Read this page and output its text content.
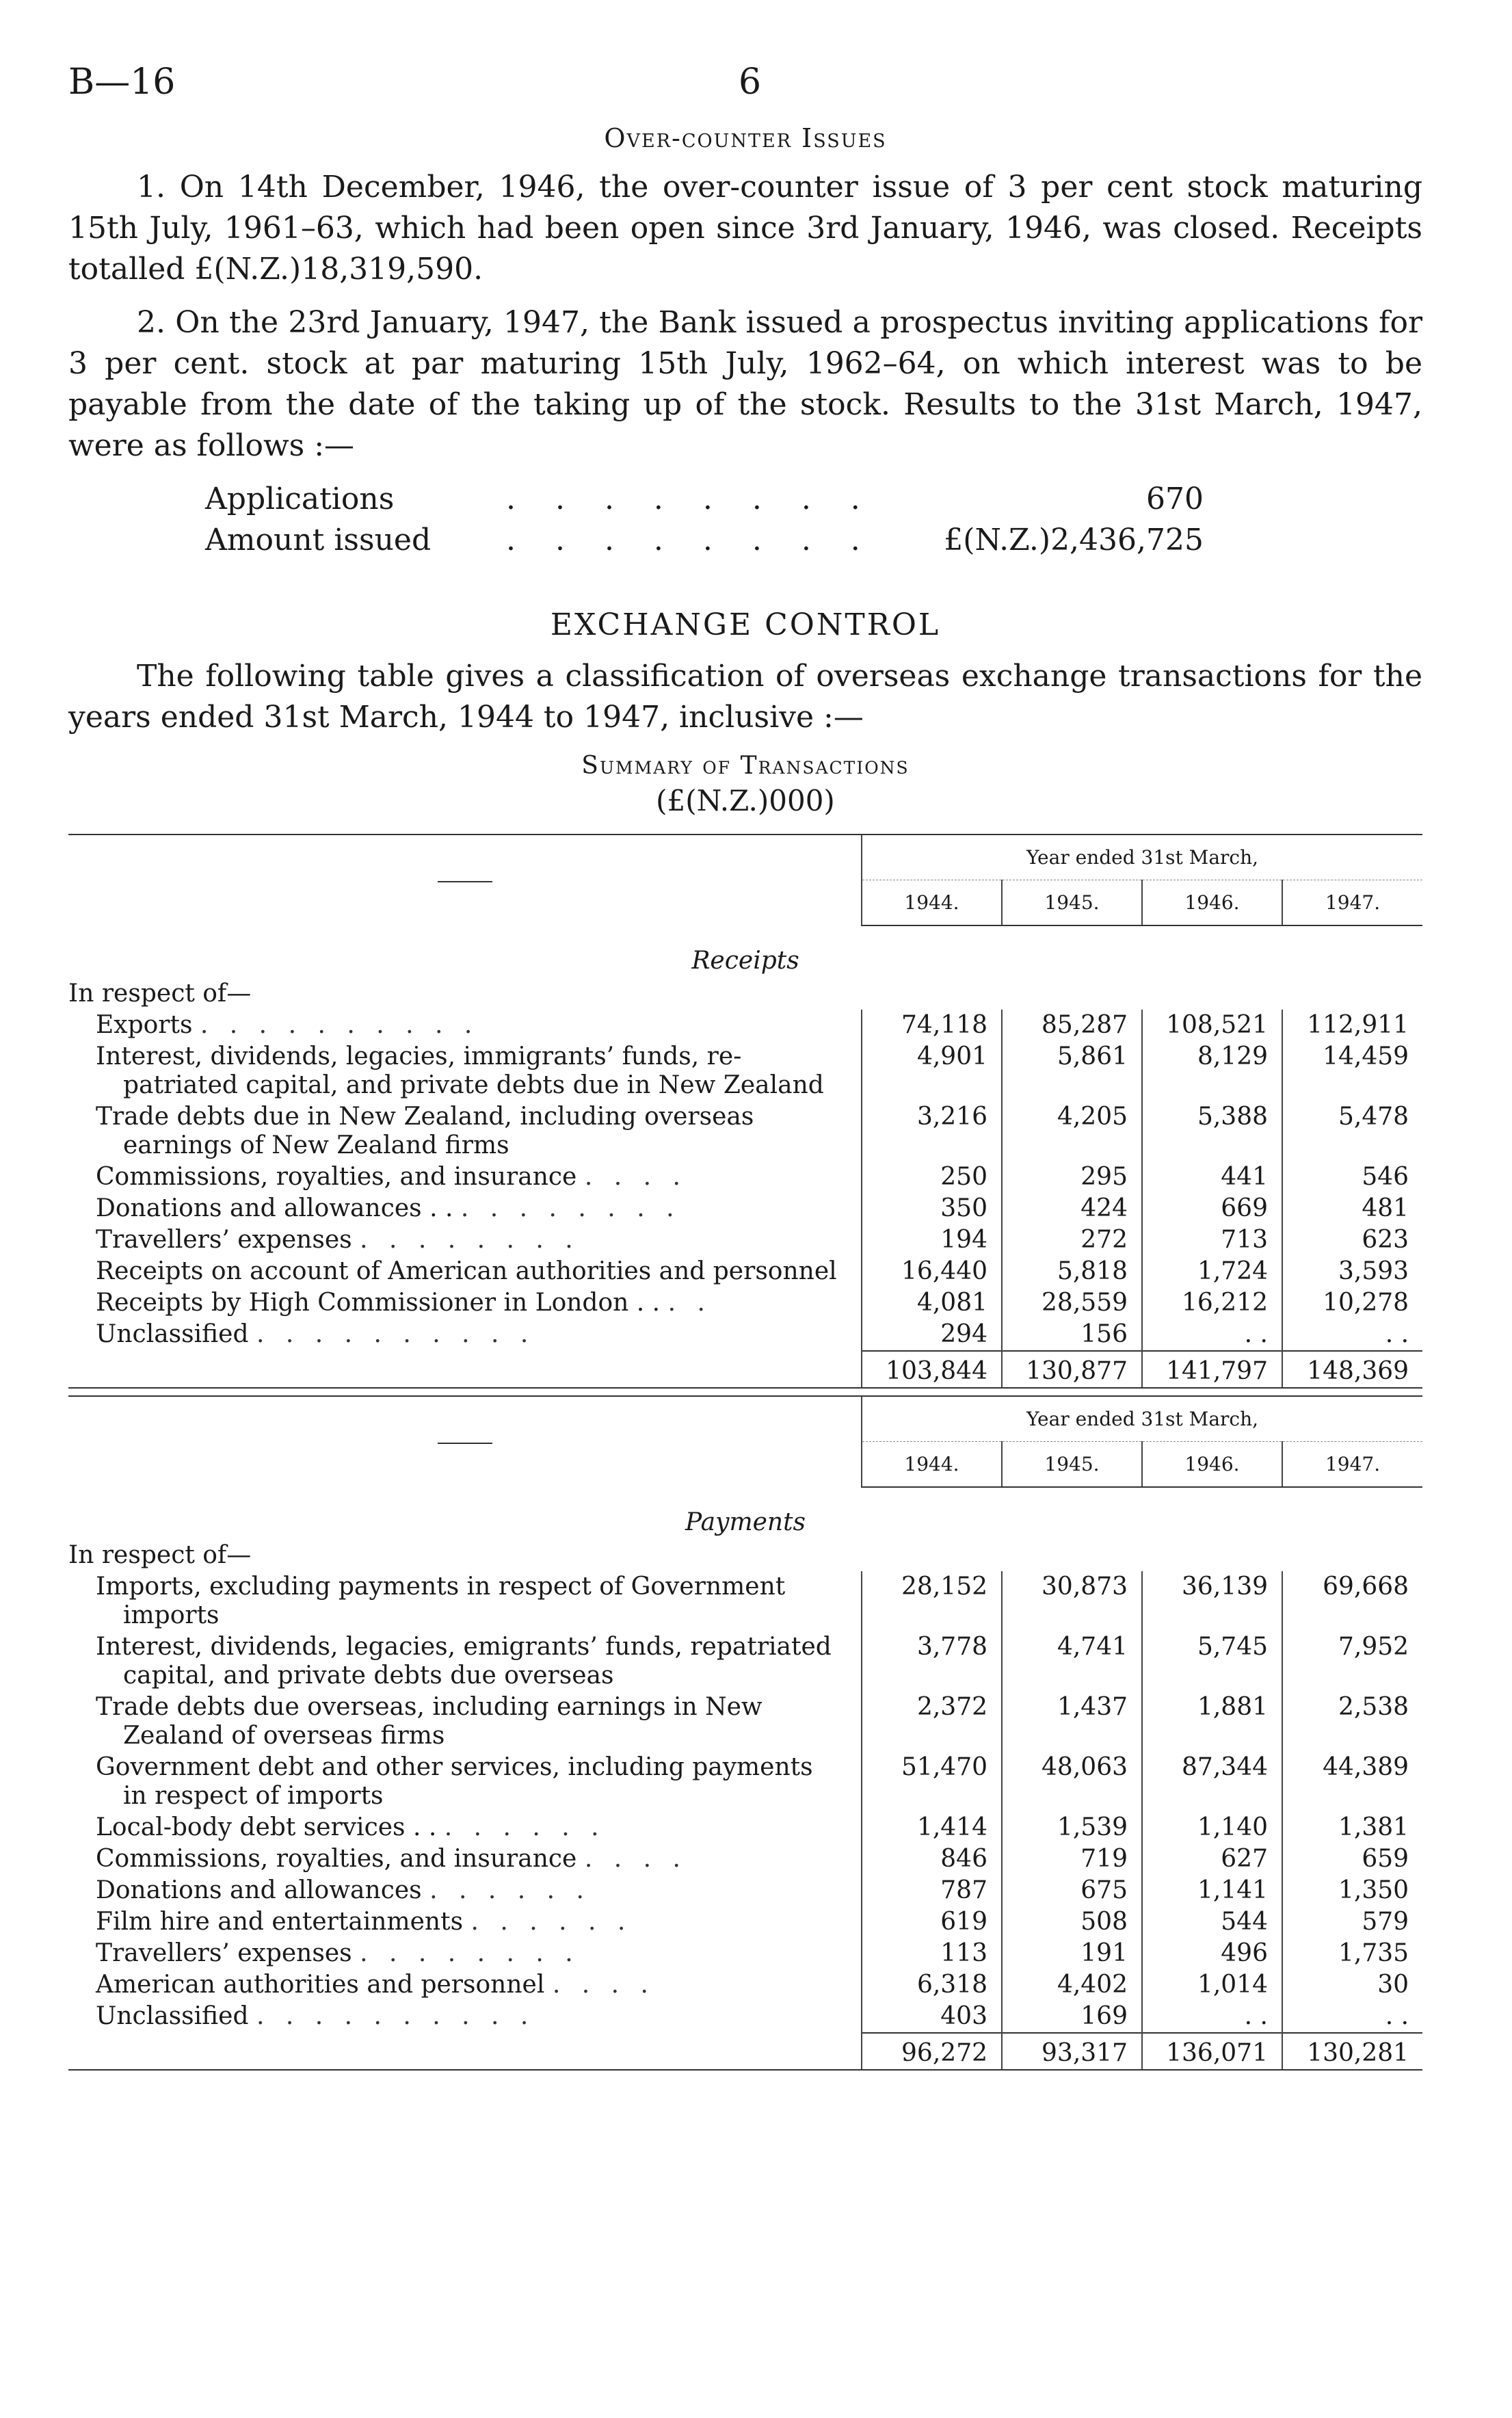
B—16	6
Over-counter Issues

1. On 14th December, 1946, the over-counter issue of 3 per cent stock maturing 15th July, 1961–63, which had been open since 3rd January, 1946, was closed. Receipts totalled £(N.Z.)18,319,590.

2. On the 23rd January, 1947, the Bank issued a prospectus inviting applications for 3 per cent. stock at par maturing 15th July, 1962–64, on which interest was to be payable from the date of the taking up of the stock. Results to the 31st March, 1947, were as follows :—

Applications	. . . . . . . .	670
Amount issued	. . . . . . . .	£(N.Z.)2,436,725
EXCHANGE CONTROL

The following table gives a classification of overseas exchange transactions for the years ended 31st March, 1944 to 1947, inclusive :—

Summary of Transactions
(£(N.Z.)000)
	Year ended 31st March,			
	1944.	1945.	1946.	1947.
Receipts				
In respect of—				

Exports . . . . . . . . . .	74,118	85,287	108,521	112,911

Interest, dividends, legacies, immigrants’ funds, re-
patriated capital, and private debts due in New Zealand	4,901	5,861	8,129	14,459

Trade debts due in New Zealand, including overseas
earnings of New Zealand firms	3,216	4,205	5,388	5,478

Commissions, royalties, and insurance . . . .	250	295	441	546

Donations and allowances . . . . . . . . . .	350	424	669	481

Travellers’ expenses . . . . . . . .	194	272	713	623

Receipts on account of American authorities and personnel	16,440	5,818	1,724	3,593

Receipts by High Commissioner in London . . . .	4,081	28,559	16,212	10,278

Unclassified . . . . . . . . . .	294	156	. .	. .
	103,844	130,877	141,797	148,369
	Year ended 31st March,			
	1944.	1945.	1946.	1947.
Payments				
In respect of—				

Imports, excluding payments in respect of Government
imports	28,152	30,873	36,139	69,668

Interest, dividends, legacies, emigrants’ funds, repatriated
capital, and private debts due overseas	3,778	4,741	5,745	7,952

Trade debts due overseas, including earnings in New
Zealand of overseas firms	2,372	1,437	1,881	2,538

Government debt and other services, including payments
in respect of imports	51,470	48,063	87,344	44,389

Local-body debt services . . . . . . . .	1,414	1,539	1,140	1,381

Commissions, royalties, and insurance . . . .	846	719	627	659

Donations and allowances . . . . . .	787	675	1,141	1,350

Film hire and entertainments . . . . . .	619	508	544	579

Travellers’ expenses . . . . . . . .	113	191	496	1,735

American authorities and personnel . . . .	6,318	4,402	1,014	30

Unclassified . . . . . . . . . .	403	169	. .	. .
	96,272	93,317	136,071	130,281
